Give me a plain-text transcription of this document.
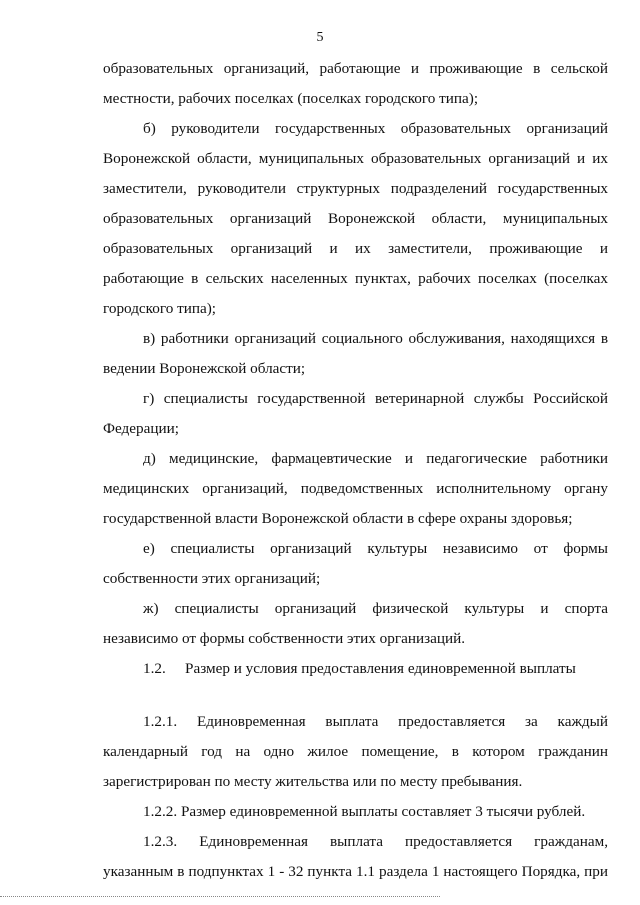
5

образовательных организаций, работающие и проживающие в сельской местности, рабочих поселках (поселках городского типа);

б) руководители государственных образовательных организаций Воронежской области, муниципальных образовательных организаций и их заместители, руководители структурных подразделений государственных образовательных организаций Воронежской области, муниципальных образовательных организаций и их заместители, проживающие и работающие в сельских населенных пунктах, рабочих поселках (поселках городского типа);

в) работники организаций социального обслуживания, находящихся в ведении Воронежской области;

г) специалисты государственной ветеринарной службы Российской Федерации;

д) медицинские, фармацевтические и педагогические работники медицинских организаций, подведомственных исполнительному органу государственной власти Воронежской области в сфере охраны здоровья;

е) специалисты организаций культуры независимо от формы собственности этих организаций;

ж) специалисты организаций физической культуры и спорта независимо от формы собственности этих организаций.

1.2. Размер и условия предоставления единовременной выплаты

1.2.1. Единовременная выплата предоставляется за каждый календарный год на одно жилое помещение, в котором гражданин зарегистрирован по месту жительства или по месту пребывания.

1.2.2. Размер единовременной выплаты составляет 3 тысячи рублей.

1.2.3. Единовременная выплата предоставляется гражданам, указанным в подпунктах 1 - 32 пункта 1.1 раздела 1 настоящего Порядка, при
